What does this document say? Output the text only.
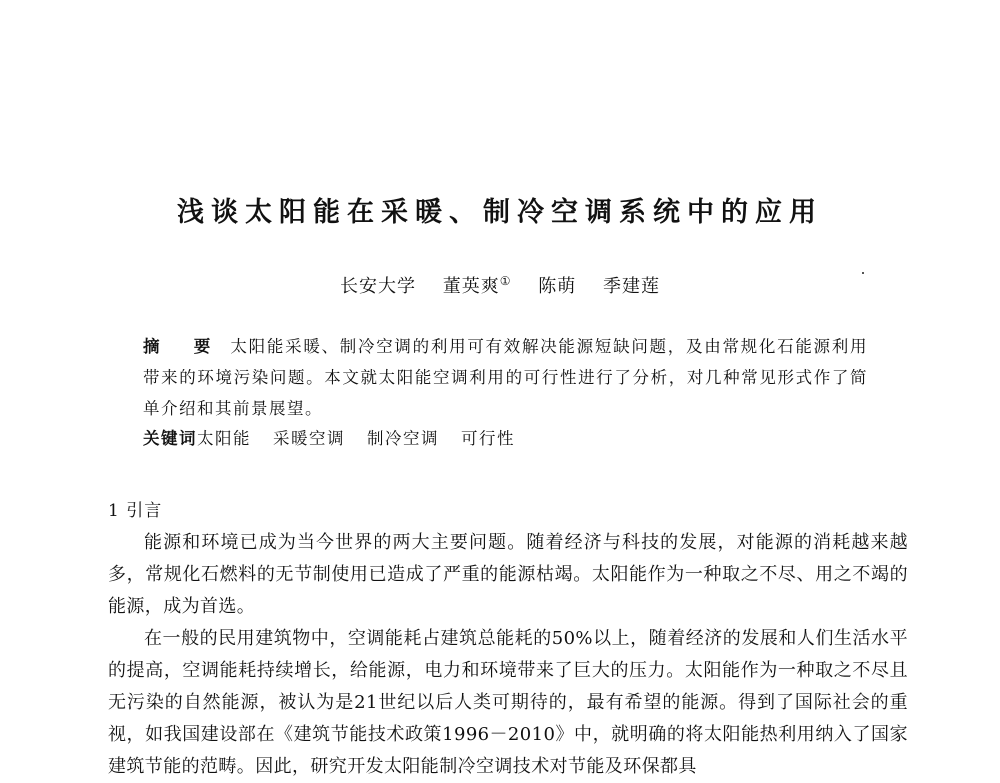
浅谈太阳能在采暖、制冷空调系统中的应用
长安大学 董英爽① 陈萌 季建莲
摘 要 太阳能采暖、制冷空调的利用可有效解决能源短缺问题，及由常规化石能源利用带来的环境污染问题。本文就太阳能空调利用的可行性进行了分析，对几种常见形式作了简单介绍和其前景展望。
关键词太阳能 采暖空调 制冷空调 可行性
1 引言

能源和环境已成为当今世界的两大主要问题。随着经济与科技的发展，对能源的消耗越来越多，常规化石燃料的无节制使用已造成了严重的能源枯竭。太阳能作为一种取之不尽、用之不竭的能源，成为首选。

在一般的民用建筑物中，空调能耗占建筑总能耗的50%以上，随着经济的发展和人们生活水平的提高，空调能耗持续增长，给能源，电力和环境带来了巨大的压力。太阳能作为一种取之不尽且无污染的自然能源，被认为是21世纪以后人类可期待的，最有希望的能源。得到了国际社会的重视，如我国建设部在《建筑节能技术政策1996－2010》中，就明确的将太阳能热利用纳入了国家建筑节能的范畴。因此，研究开发太阳能制冷空调技术对节能及环保都具
